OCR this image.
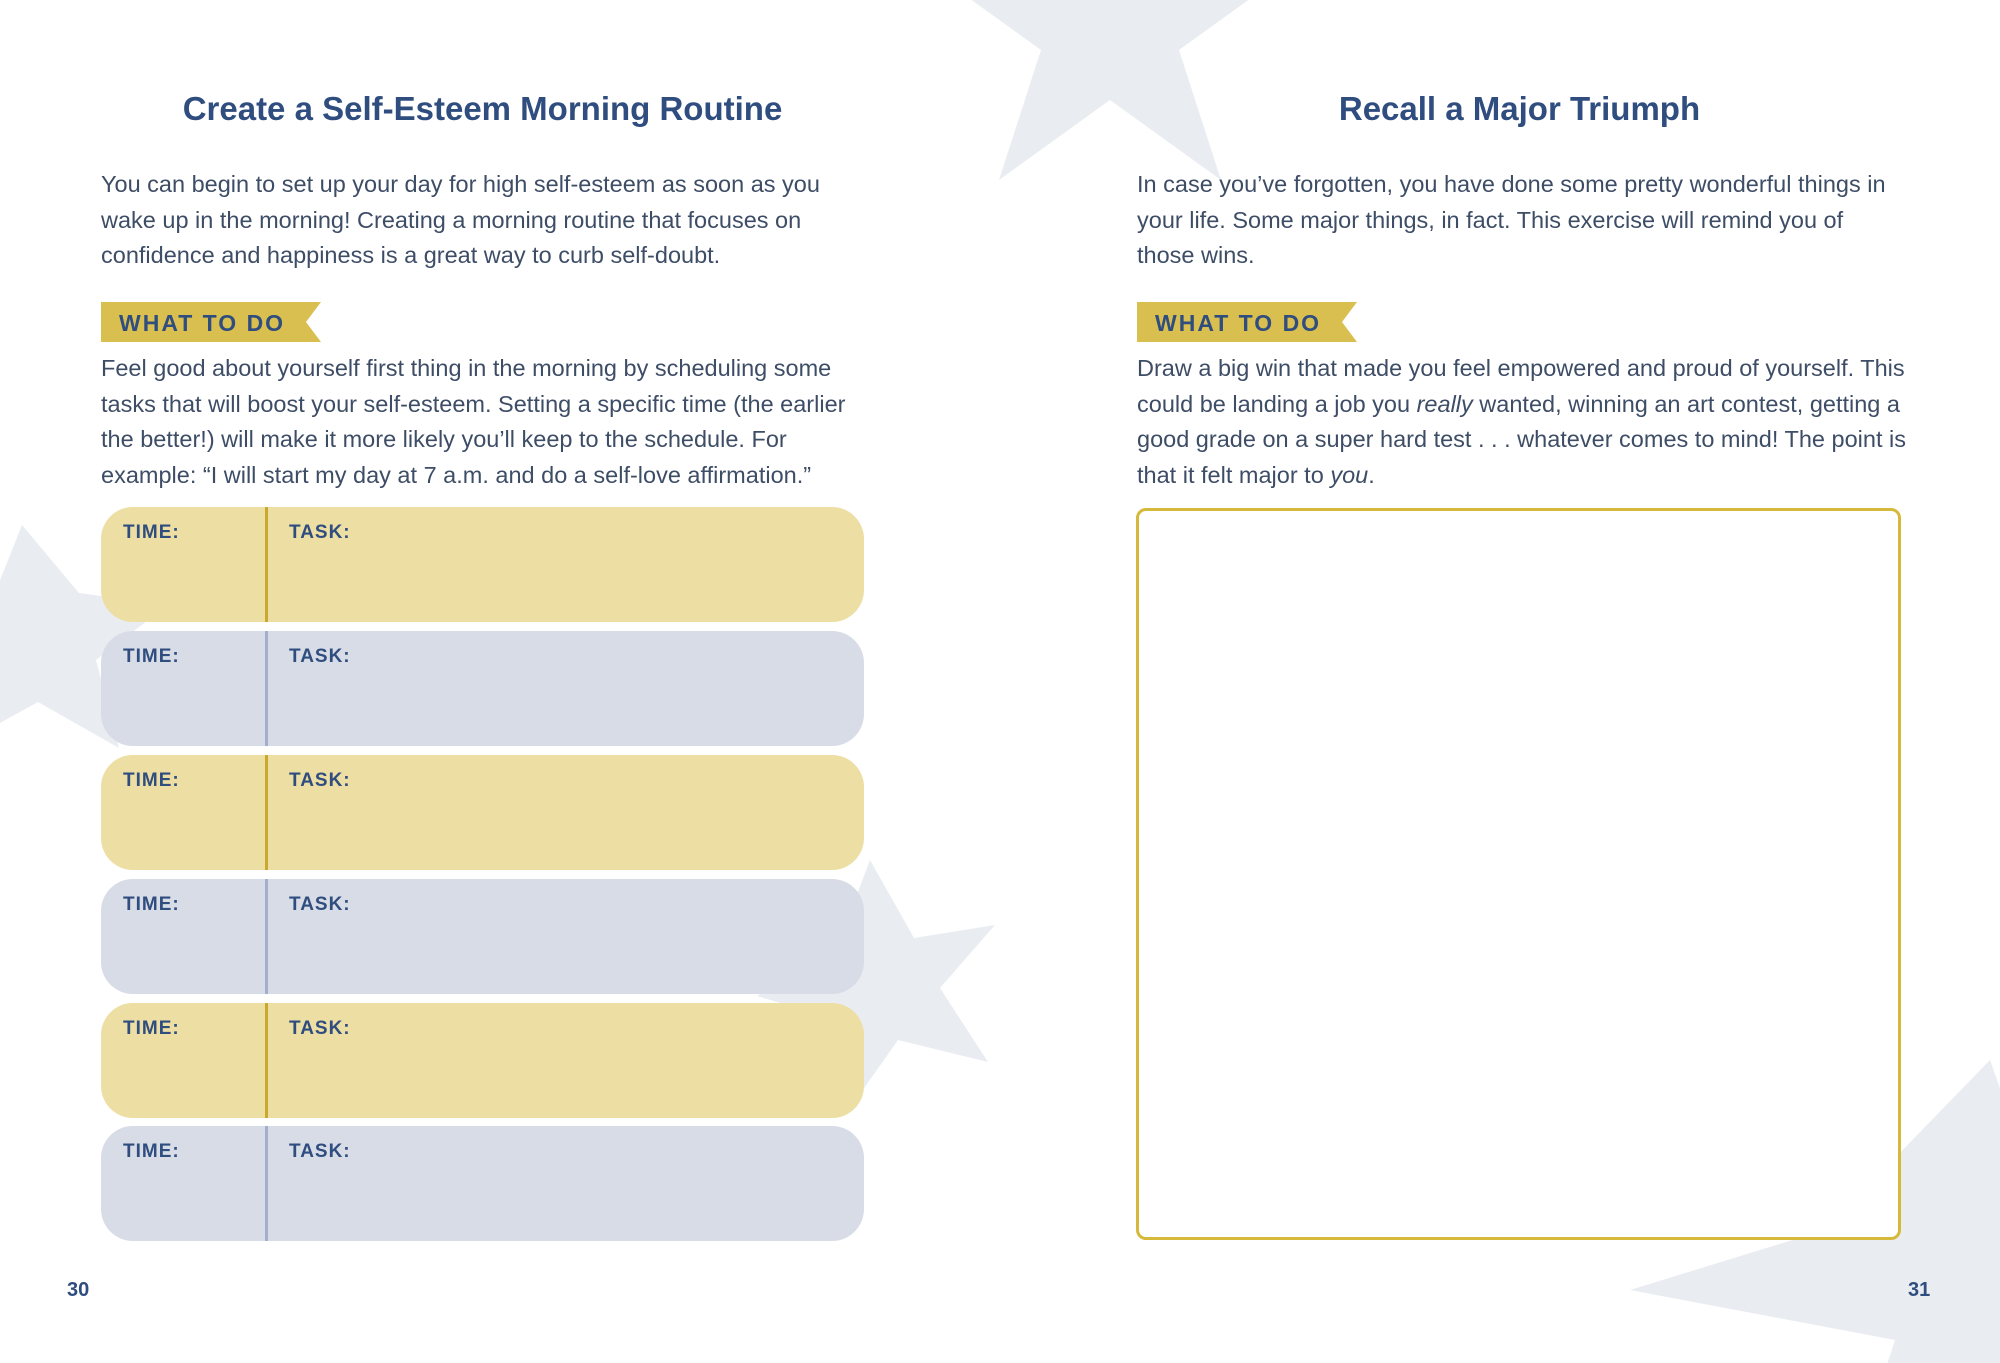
Create a Self-Esteem Morning Routine

You can begin to set up your day for high self-esteem as soon as you wake up in the morning! Creating a morning routine that focuses on confidence and happiness is a great way to curb self-doubt.

WHAT TO DO

Feel good about yourself first thing in the morning by scheduling some tasks that will boost your self-esteem. Setting a specific time (the earlier the better!) will make it more likely you’ll keep to the schedule. For example: “I will start my day at 7 a.m. and do a self-love affirmation.”

TIME:	TASK:
TIME:	TASK:
TIME:	TASK:
TIME:	TASK:
TIME:	TASK:
TIME:	TASK:
30
Recall a Major Triumph

In case you’ve forgotten, you have done some pretty wonderful things in your life. Some major things, in fact. This exercise will remind you of those wins.

WHAT TO DO

Draw a big win that made you feel empowered and proud of yourself. This could be landing a job you really wanted, winning an art contest, getting a good grade on a super hard test . . . whatever comes to mind! The point is that it felt major to you.

31
